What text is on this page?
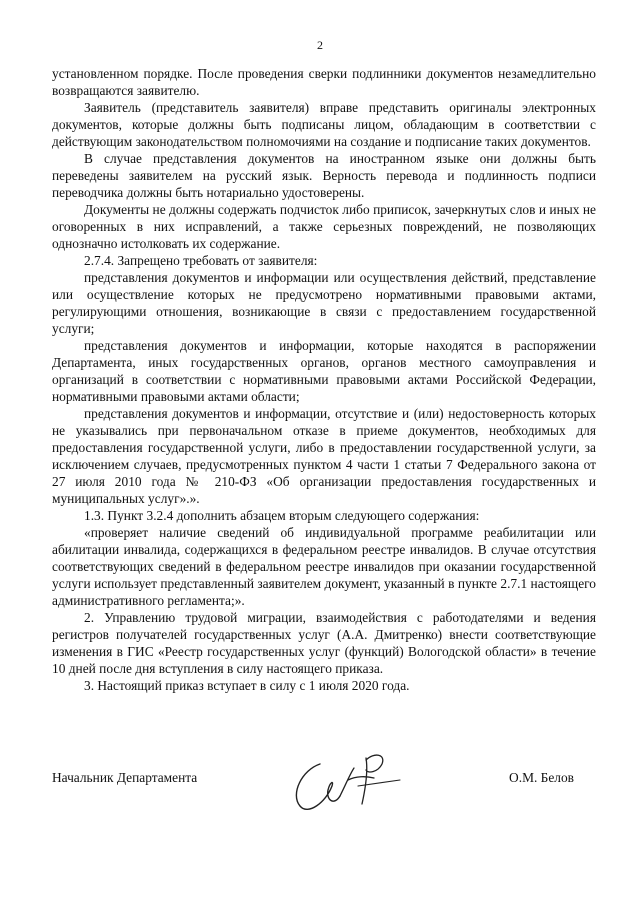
2

установленном порядке. После проведения сверки подлинники документов незамедлительно возвращаются заявителю.

Заявитель (представитель заявителя) вправе представить оригиналы электронных документов, которые должны быть подписаны лицом, обладающим в соответствии с действующим законодательством полномочиями на создание и подписание таких документов.

В случае представления документов на иностранном языке они должны быть переведены заявителем на русский язык. Верность перевода и подлинность подписи переводчика должны быть нотариально удостоверены.

Документы не должны содержать подчисток либо приписок, зачеркнутых слов и иных не оговоренных в них исправлений, а также серьезных повреждений, не позволяющих однозначно истолковать их содержание.

2.7.4. Запрещено требовать от заявителя:

представления документов и информации или осуществления действий, представление или осуществление которых не предусмотрено нормативными правовыми актами, регулирующими отношения, возникающие в связи с предоставлением государственной услуги;

представления документов и информации, которые находятся в распоряжении Департамента, иных государственных органов, органов местного самоуправления и организаций в соответствии с нормативными правовыми актами Российской Федерации, нормативными правовыми актами области;

представления документов и информации, отсутствие и (или) недостоверность которых не указывались при первоначальном отказе в приеме документов, необходимых для предоставления государственной услуги, либо в предоставлении государственной услуги, за исключением случаев, предусмотренных пунктом 4 части 1 статьи 7 Федерального закона от 27 июля 2010 года № 210-ФЗ «Об организации предоставления государственных и муниципальных услуг».».

1.3. Пункт 3.2.4 дополнить абзацем вторым следующего содержания:

«проверяет наличие сведений об индивидуальной программе реабилитации или абилитации инвалида, содержащихся в федеральном реестре инвалидов. В случае отсутствия соответствующих сведений в федеральном реестре инвалидов при оказании государственной услуги использует представленный заявителем документ, указанный в пункте 2.7.1 настоящего административного регламента;».

2. Управлению трудовой миграции, взаимодействия с работодателями и ведения регистров получателей государственных услуг (А.А. Дмитренко) внести соответствующие изменения в ГИС «Реестр государственных услуг (функций) Вологодской области» в течение 10 дней после дня вступления в силу настоящего приказа.

3. Настоящий приказ вступает в силу с 1 июля 2020 года.

Начальник Департамента	О.М. Белов
